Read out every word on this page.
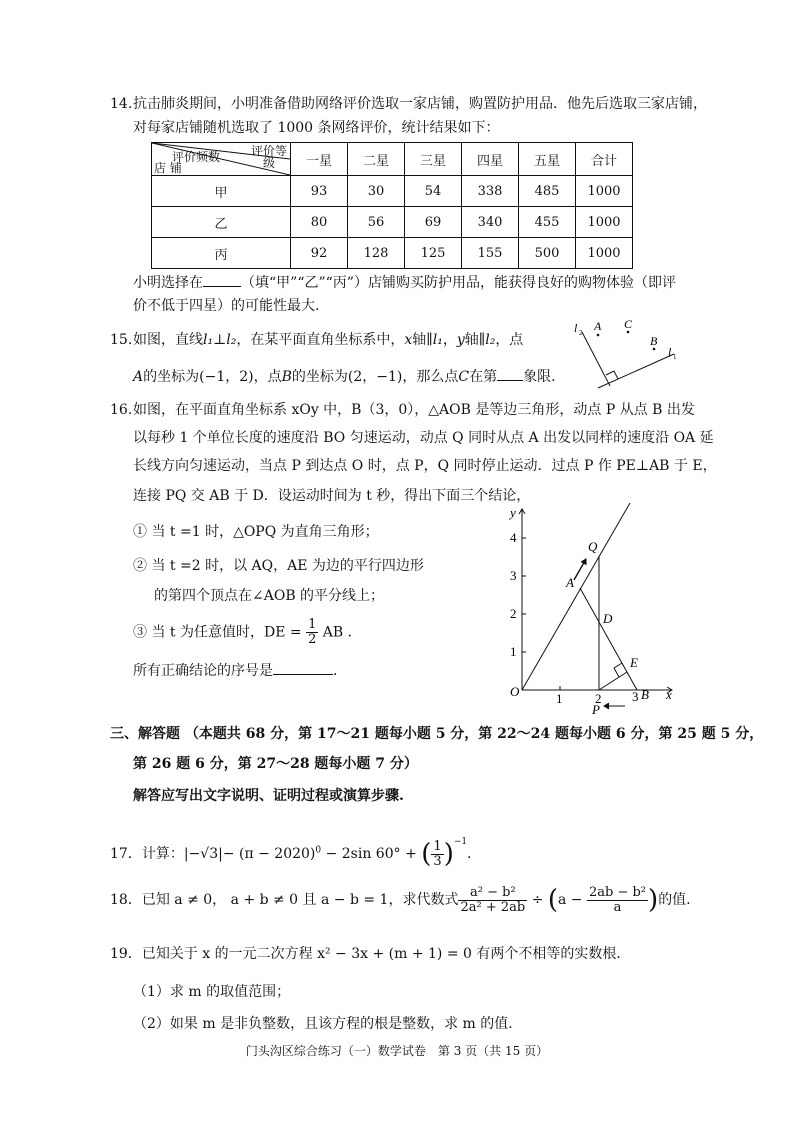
14. 抗击肺炎期间，小明准备借助网络评价选取一家店铺，购置防护用品．他先后选取三家店铺，
对每家店铺随机选取了 1000 条网络评价，统计结果如下：
评价等级
评价频数
店 铺	一星	二星	三星	四星	五星	合计
甲	93	30	54	338	485	1000
乙	80	56	69	340	455	1000
丙	92	128	125	155	500	1000
小明选择在	（填“甲”“乙”“丙”）店铺购买防护用品，能获得良好的购物体验（即评
价不低于四星）的可能性最大.
15. 如图，直线l₁⊥l₂，在某平面直角坐标系中，x轴∥l₁，y轴∥l₂，点
A的坐标为(−1，2)，点B的坐标为(2，−1)，那么点C在第 象限.
l 2 A C
B
l 1
16. 如图，在平面直角坐标系 xOy 中，B（3，0），△AOB 是等边三角形，动点 P 从点 B 出发
以每秒 1 个单位长度的速度沿 BO 匀速运动，动点 Q 同时从点 A 出发以同样的速度沿 OA 延
长线方向匀速运动，当点 P 到达点 O 时，点 P，Q 同时停止运动．过点 P 作 PE⊥AB 于 E，
连接 PQ 交 AB 于 D．设运动时间为 t 秒，得出下面三个结论，
① 当 t =1 时，△OPQ 为直角三角形；
② 当 t =2 时，以 AQ，AE 为边的平行四边形
的第四个顶点在∠AOB 的平分线上；
③ 当 t 为任意值时，DE = $\frac{1}{2}$ AB ．
所有正确结论的序号是	．
y
4
3
2
1
O	1	2 3 B x
A
Q
D
E
P
三、解答题 （本题共 68 分，第 17～21 题每小题 5 分，第 22～24 题每小题 6 分，第 25 题 5 分，
第 26 题 6 分，第 27～28 题每小题 7 分）
解答应写出文字说明、证明过程或演算步骤.
17．计算：$|-√3|- (\pi - 2020)^0 - 2\sin$ 60° + ( $\frac{1}{3} )^{-1}$．
18．已知 a ≠ 0， a + b ≠ 0 且 a − b = 1，求代数式 $\frac{\text{a² − b²}}{\text{2a² + 2ab}} \div (a - \frac{\text{2ab − b²}}{a}$ )的值.
19．已知关于 x 的一元二次方程 x² − 3x + (m + 1) = 0 有两个不相等的实数根．
（1）求 m 的取值范围；
（2）如果 m 是非负整数，且该方程的根是整数，求 m 的值．
门头沟区综合练习（一）数学试卷　第 3 页（共 15 页）
